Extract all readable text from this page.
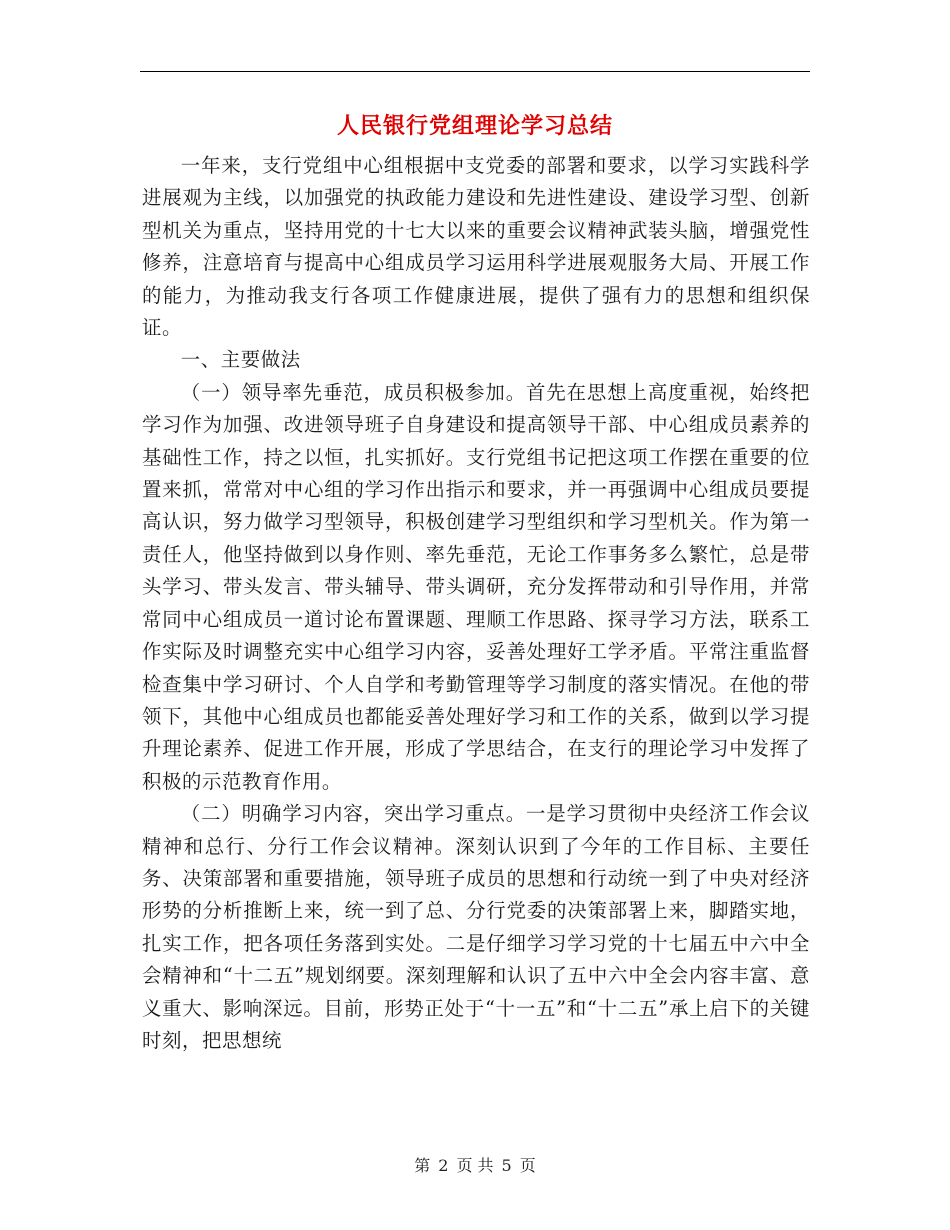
人民银行党组理论学习总结

一年来，支行党组中心组根据中支党委的部署和要求，以学习实践科学进展观为主线，以加强党的执政能力建设和先进性建设、建设学习型、创新型机关为重点，坚持用党的十七大以来的重要会议精神武装头脑，增强党性修养，注意培育与提高中心组成员学习运用科学进展观服务大局、开展工作的能力，为推动我支行各项工作健康进展，提供了强有力的思想和组织保证。

一、主要做法

（一）领导率先垂范，成员积极参加。首先在思想上高度重视，始终把学习作为加强、改进领导班子自身建设和提高领导干部、中心组成员素养的基础性工作，持之以恒，扎实抓好。支行党组书记把这项工作摆在重要的位置来抓，常常对中心组的学习作出指示和要求，并一再强调中心组成员要提高认识，努力做学习型领导，积极创建学习型组织和学习型机关。作为第一责任人，他坚持做到以身作则、率先垂范，无论工作事务多么繁忙，总是带头学习、带头发言、带头辅导、带头调研，充分发挥带动和引导作用，并常常同中心组成员一道讨论布置课题、理顺工作思路、探寻学习方法，联系工作实际及时调整充实中心组学习内容，妥善处理好工学矛盾。平常注重监督检查集中学习研讨、个人自学和考勤管理等学习制度的落实情况。在他的带领下，其他中心组成员也都能妥善处理好学习和工作的关系，做到以学习提升理论素养、促进工作开展，形成了学思结合，在支行的理论学习中发挥了积极的示范教育作用。

（二）明确学习内容，突出学习重点。一是学习贯彻中央经济工作会议精神和总行、分行工作会议精神。深刻认识到了今年的工作目标、主要任务、决策部署和重要措施，领导班子成员的思想和行动统一到了中央对经济形势的分析推断上来，统一到了总、分行党委的决策部署上来，脚踏实地，扎实工作，把各项任务落到实处。二是仔细学习学习党的十七届五中六中全会精神和“十二五”规划纲要。深刻理解和认识了五中六中全会内容丰富、意义重大、影响深远。目前，形势正处于“十一五”和“十二五”承上启下的关键时刻，把思想统

第 2 页 共 5 页
